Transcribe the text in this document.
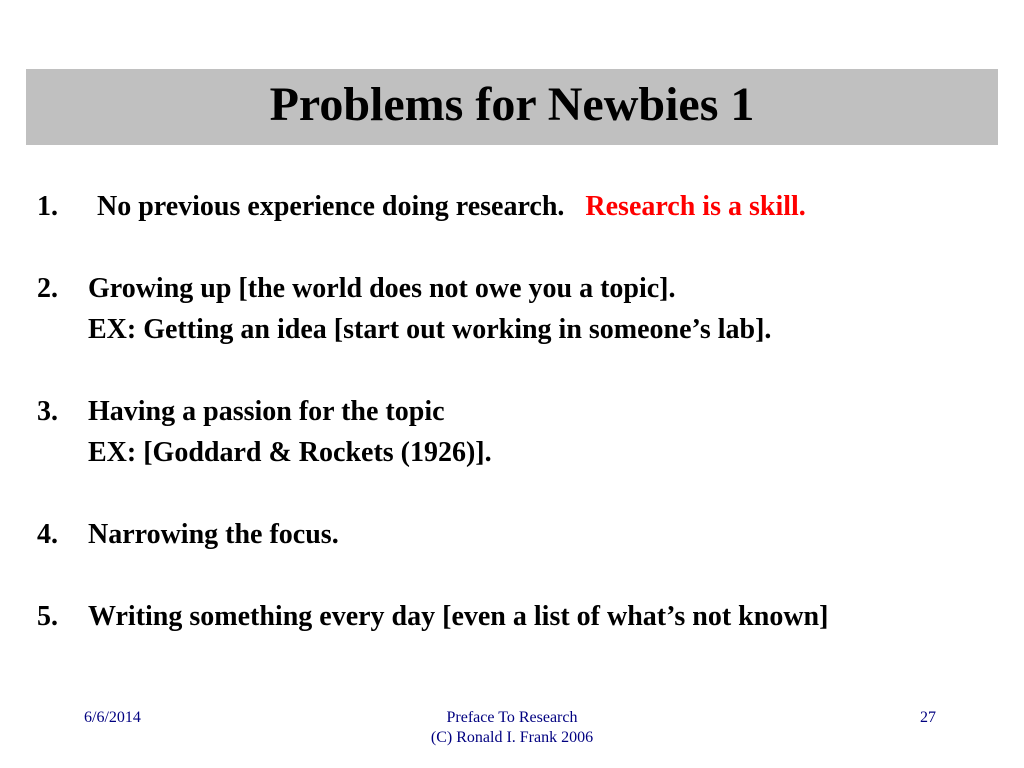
Problems for Newbies 1
1. No previous experience doing research. Research is a skill.
2. Growing up [the world does not owe you a topic].
EX: Getting an idea [start out working in someone’s lab].
3. Having a passion for the topic
EX: [Goddard & Rockets (1926)].
4. Narrowing the focus.
5. Writing something every day [even a list of what’s not known]
6/6/2014	Preface To Research
(C) Ronald I. Frank 2006
27
